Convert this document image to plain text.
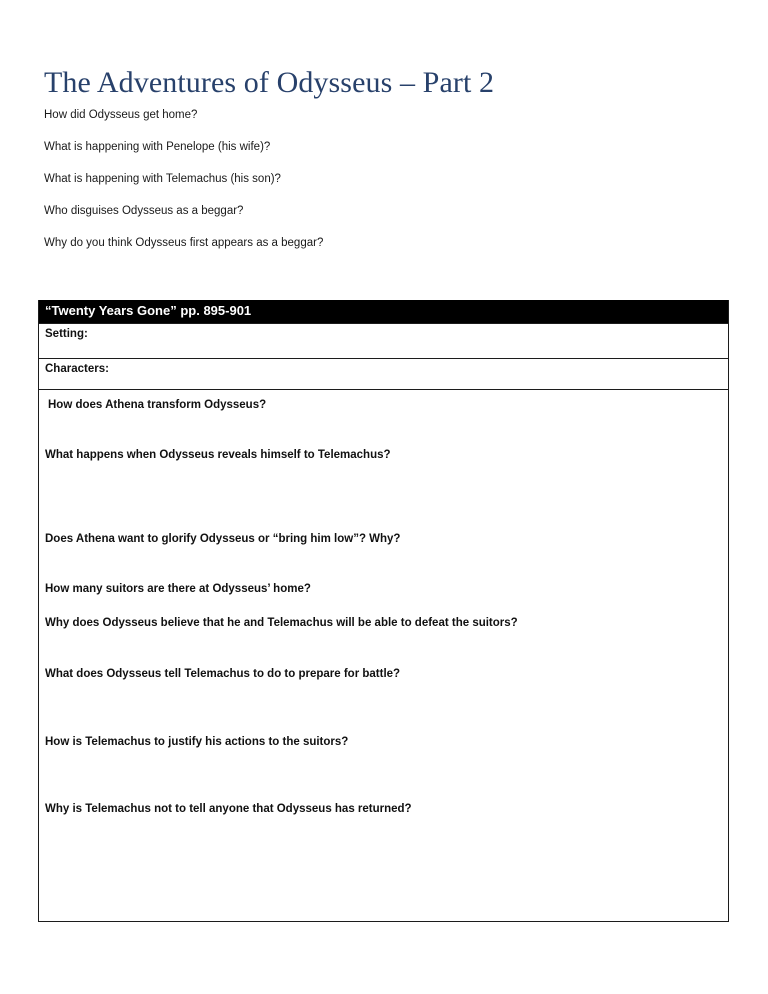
The Adventures of Odysseus – Part 2
How did Odysseus get home?
What is happening with Penelope (his wife)?
What is happening with Telemachus (his son)?
Who disguises Odysseus as a beggar?
Why do you think Odysseus first appears as a beggar?
“Twenty Years Gone” pp. 895-901
Setting:
Characters:
How does Athena transform Odysseus?
What happens when Odysseus reveals himself to Telemachus?
Does Athena want to glorify Odysseus or “bring him low”? Why?
How many suitors are there at Odysseus’ home?
Why does Odysseus believe that he and Telemachus will be able to defeat the suitors?
What does Odysseus tell Telemachus to do to prepare for battle?
How is Telemachus to justify his actions to the suitors?
Why is Telemachus not to tell anyone that Odysseus has returned?
